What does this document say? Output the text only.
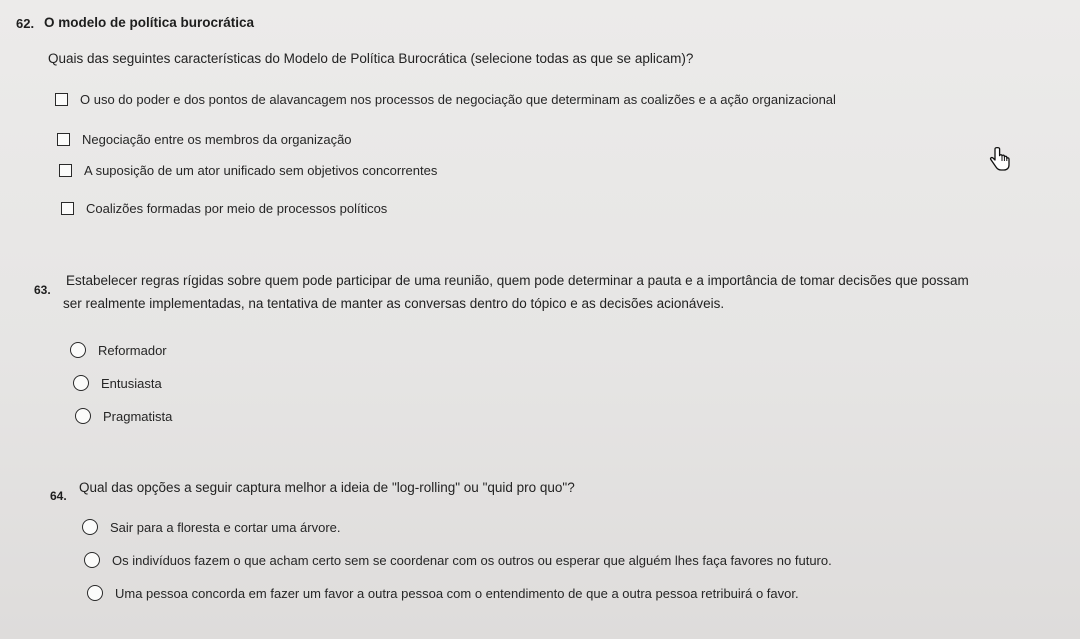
62. O modelo de política burocrática
Quais das seguintes características do Modelo de Política Burocrática (selecione todas as que se aplicam)?
O uso do poder e dos pontos de alavancagem nos processos de negociação que determinam as coalizões e a ação organizacional
Negociação entre os membros da organização
A suposição de um ator unificado sem objetivos concorrentes
Coalizões formadas por meio de processos políticos
63.
Estabelecer regras rígidas sobre quem pode participar de uma reunião, quem pode determinar a pauta e a importância de tomar decisões que possam
ser realmente implementadas, na tentativa de manter as conversas dentro do tópico e as decisões acionáveis.
Reformador
Entusiasta
Pragmatista
64.
Qual das opções a seguir captura melhor a ideia de "log-rolling" ou "quid pro quo"?
Sair para a floresta e cortar uma árvore.
Os indivíduos fazem o que acham certo sem se coordenar com os outros ou esperar que alguém lhes faça favores no futuro.
Uma pessoa concorda em fazer um favor a outra pessoa com o entendimento de que a outra pessoa retribuirá o favor.
